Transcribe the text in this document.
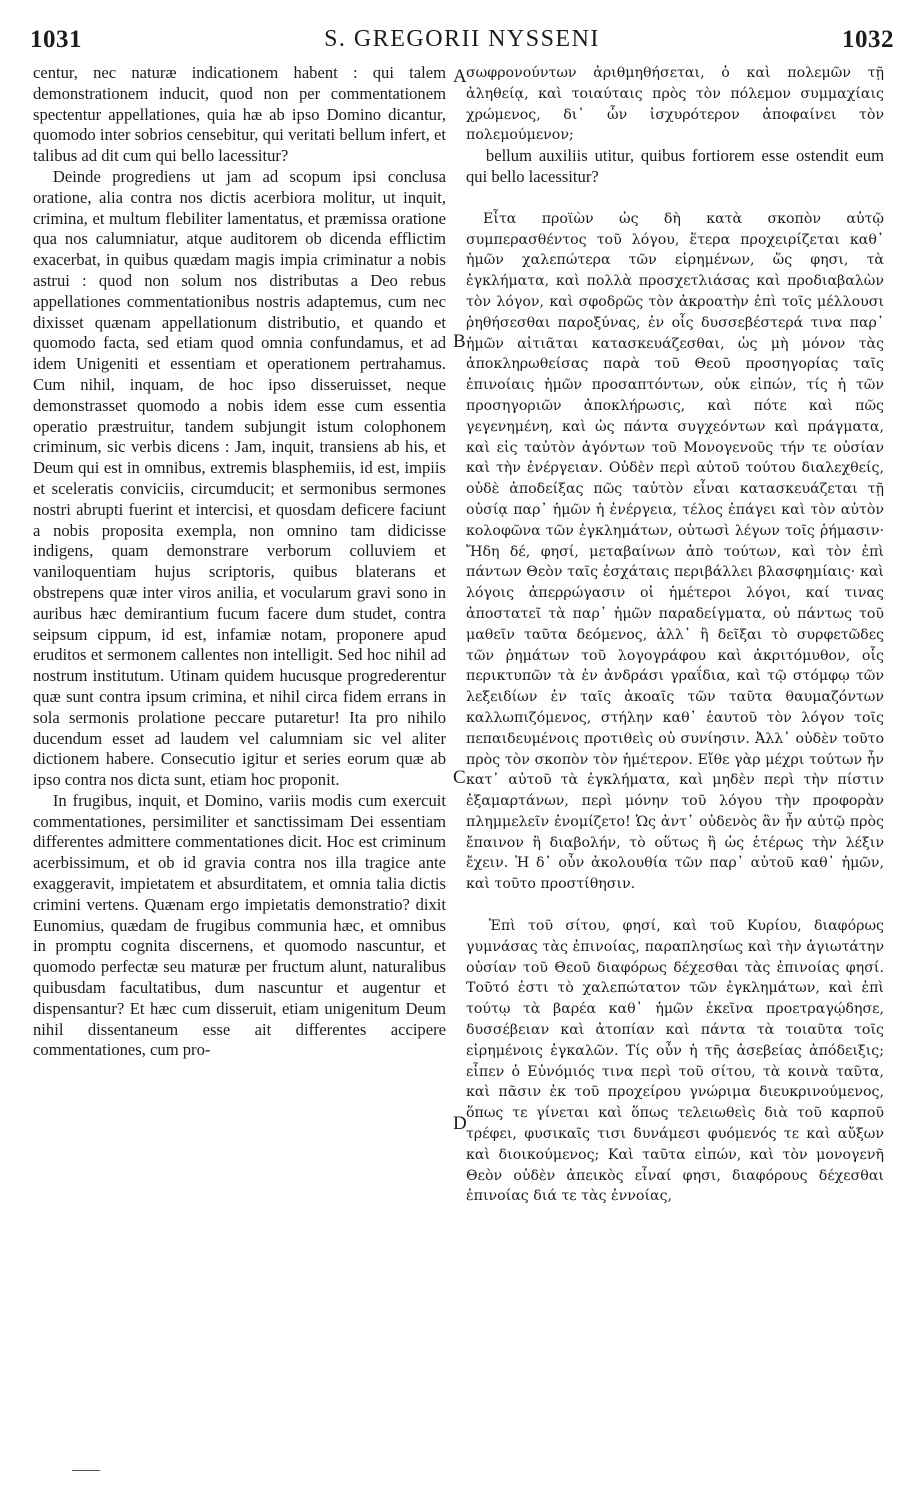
1031	S. GREGORII NYSSENI	1032
A
B
C
D

centur, nec naturæ indicationem habent : qui talem demonstrationem inducit, quod non per commentationem spectentur appellationes, quia hæ ab ipso Domino dicantur, quomodo inter sobrios censebitur, qui veritati bellum infert, et talibus ad dit cum qui bello lacessitur?

Deinde progrediens ut jam ad scopum ipsi conclusa oratione, alia contra nos dictis acerbiora molitur, ut inquit, crimina, et multum flebiliter lamentatus, et præmissa oratione qua nos calumniatur, atque auditorem ob dicenda efflictim exacerbat, in quibus quædam magis impia criminatur a nobis astrui : quod non solum nos distributas a Deo rebus appellationes commentationibus nostris adaptemus, cum nec dixisset quænam appellationum distributio, et quando et quomodo facta, sed etiam quod omnia confundamus, et ad idem Unigeniti et essentiam et operationem pertrahamus. Cum nihil, inquam, de hoc ipso disseruisset, neque demonstrasset quomodo a nobis idem esse cum essentia operatio præstruitur, tandem subjungit istum colophonem criminum, sic verbis dicens : Jam, inquit, transiens ab his, et Deum qui est in omnibus, extremis blasphemiis, id est, impiis et sceleratis conviciis, circumducit; et sermonibus sermones nostri abrupti fuerint et intercisi, et quosdam deficere faciunt a nobis proposita exempla, non omnino tam didicisse indigens, quam demonstrare verborum colluviem et vaniloquentiam hujus scriptoris, quibus blaterans et obstrepens quæ inter viros anilia, et vocularum gravi sono in auribus hæc demirantium fucum facere dum studet, contra seipsum cippum, id est, infamiæ notam, proponere apud eruditos et sermonem callentes non intelligit. Sed hoc nihil ad nostrum institutum. Utinam quidem hucusque progrederentur quæ sunt contra ipsum crimina, et nihil circa fidem errans in sola sermonis prolatione peccare putaretur! Ita pro nihilo ducendum esset ad laudem vel calumniam sic vel aliter dictionem habere. Consecutio igitur et series eorum quæ ab ipso contra nos dicta sunt, etiam hoc proponit.

In frugibus, inquit, et Domino, variis modis cum exercuit commentationes, persimiliter et sanctissimam Dei essentiam differentes admittere commentationes dicit. Hoc est criminum acerbissimum, et ob id gravia contra nos illa tragice ante exaggeravit, impietatem et absurditatem, et omnia talia dictis crimini vertens. Quænam ergo impietatis demonstratio? dixit Eunomius, quædam de frugibus communia hæc, et omnibus in promptu cognita discernens, et quomodo nascuntur, et quomodo perfectæ seu maturæ per fructum alunt, naturalibus quibusdam facultatibus, dum nascuntur et augentur et dispensantur? Et hæc cum disseruit, etiam unigenitum Deum nihil dissentaneum esse ait differentes accipere commentationes, cum pro-

σωφρονούντων ἀριθμηθήσεται, ὁ καὶ πολεμῶν τῇ ἀληθείᾳ, καὶ τοιαύταις πρὸς τὸν πόλεμον συμμαχίαις χρώμενος, δι᾽ ὧν ἰσχυρότερον ἀποφαίνει τὸν πολεμούμενον;

bellum auxiliis utitur, quibus fortiorem esse ostendit eum qui bello lacessitur?

Εἶτα προϊὼν ὡς δὴ κατὰ σκοπὸν αὐτῷ συμπερασθέντος τοῦ λόγου, ἕτερα προχειρίζεται καθ᾽ ἡμῶν χαλεπώτερα τῶν εἰρημένων, ὥς φησι, τὰ ἐγκλήματα, καὶ πολλὰ προσχετλιάσας καὶ προδιαβαλὼν τὸν λόγον, καὶ σφοδρῶς τὸν ἀκροατὴν ἐπὶ τοῖς μέλλουσι ῥηθήσεσθαι παροξύνας, ἐν οἷς δυσσεβέστερά τινα παρ᾽ ἡμῶν αἰτιᾶται κατασκευάζεσθαι, ὡς μὴ μόνον τὰς ἀποκληρωθείσας παρὰ τοῦ Θεοῦ προσηγορίας ταῖς ἐπινοίαις ἡμῶν προσαπτόντων, οὐκ εἰπών, τίς ἡ τῶν προσηγοριῶν ἀποκλήρωσις, καὶ πότε καὶ πῶς γεγενημένη, καὶ ὡς πάντα συγχεόντων καὶ πράγματα, καὶ εἰς ταὐτὸν ἀγόντων τοῦ Μονογενοῦς τήν τε οὐσίαν καὶ τὴν ἐνέργειαν. Οὐδὲν περὶ αὐτοῦ τούτου διαλεχθείς, οὐδὲ ἀποδείξας πῶς ταὐτὸν εἶναι κατασκευάζεται τῇ οὐσίᾳ παρ᾽ ἡμῶν ἡ ἐνέργεια, τέλος ἐπάγει καὶ τὸν αὐτὸν κολοφῶνα τῶν ἐγκλημάτων, οὑτωσὶ λέγων τοῖς ῥήμασιν· Ἤδη δέ, φησί, μεταβαίνων ἀπὸ τούτων, καὶ τὸν ἐπὶ πάντων Θεὸν ταῖς ἐσχάταις περιβάλλει βλασφημίαις· καὶ λόγοις ἀπερρώγασιν οἱ ἡμέτεροι λόγοι, καί τινας ἀποστατεῖ τὰ παρ᾽ ἡμῶν παραδείγματα, οὐ πάντως τοῦ μαθεῖν ταῦτα δεόμενος, ἀλλ᾽ ἢ δεῖξαι τὸ συρφετῶδες τῶν ῥημάτων τοῦ λογογράφου καὶ ἀκριτόμυθον, οἷς περικτυπῶν τὰ ἐν ἀνδράσι γραΐδια, καὶ τῷ στόμφῳ τῶν λεξειδίων ἐν ταῖς ἀκοαῖς τῶν ταῦτα θαυμαζόντων καλλωπιζόμενος, στήλην καθ᾽ ἑαυτοῦ τὸν λόγον τοῖς πεπαιδευμένοις προτιθεὶς οὐ συνίησιν. Ἀλλ᾽ οὐδὲν τοῦτο πρὸς τὸν σκοπὸν τὸν ἡμέτερον. Εἴθε γὰρ μέχρι τούτων ἦν κατ᾽ αὐτοῦ τὰ ἐγκλήματα, καὶ μηδὲν περὶ τὴν πίστιν ἐξαμαρτάνων, περὶ μόνην τοῦ λόγου τὴν προφορὰν πλημμελεῖν ἐνομίζετο! Ὡς ἀντ᾽ οὐδενὸς ἂν ἦν αὐτῷ πρὸς ἔπαινον ἢ διαβολήν, τὸ οὕτως ἢ ὡς ἑτέρως τὴν λέξιν ἔχειν. Ἡ δ᾽ οὖν ἀκολουθία τῶν παρ᾽ αὐτοῦ καθ᾽ ἡμῶν, καὶ τοῦτο προστίθησιν.

Ἐπὶ τοῦ σίτου, φησί, καὶ τοῦ Κυρίου, διαφόρως γυμνάσας τὰς ἐπινοίας, παραπλησίως καὶ τὴν ἁγιωτάτην οὐσίαν τοῦ Θεοῦ διαφόρως δέχεσθαι τὰς ἐπινοίας φησί. Τοῦτό ἐστι τὸ χαλεπώτατον τῶν ἐγκλημάτων, καὶ ἐπὶ τούτῳ τὰ βαρέα καθ᾽ ἡμῶν ἐκεῖνα προετραγῴδησε, δυσσέβειαν καὶ ἀτοπίαν καὶ πάντα τὰ τοιαῦτα τοῖς εἰρημένοις ἐγκαλῶν. Τίς οὖν ἡ τῆς ἀσεβείας ἀπόδειξις; εἶπεν ὁ Εὐνόμιός τινα περὶ τοῦ σίτου, τὰ κοινὰ ταῦτα, καὶ πᾶσιν ἐκ τοῦ προχείρου γνώριμα διευκρινούμενος, ὅπως τε γίνεται καὶ ὅπως τελειωθεὶς διὰ τοῦ καρποῦ τρέφει, φυσικαῖς τισι δυνάμεσι φυόμενός τε καὶ αὔξων καὶ διοικούμενος; Καὶ ταῦτα εἰπών, καὶ τὸν μονογενῆ Θεὸν οὐδὲν ἀπεικὸς εἶναί φησι, διαφόρους δέχεσθαι ἐπινοίας διά τε τὰς ἐννοίας,
